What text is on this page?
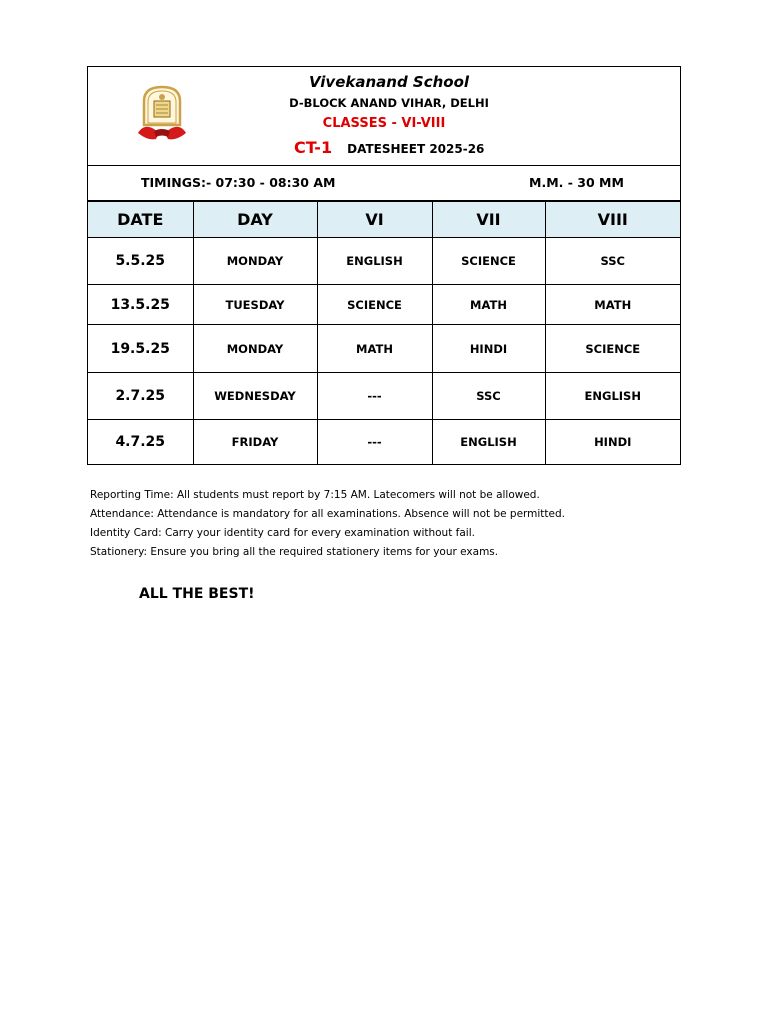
Vivekanand School
D-BLOCK ANAND VIHAR, DELHI
CLASSES - VI-VIII
CT-1 DATESHEET 2025-26
TIMINGS:- 07:30 - 08:30 AM	M.M. - 30 MM
DATE	DAY	VI	VII	VIII
5.5.25	MONDAY	ENGLISH	SCIENCE	SSC
13.5.25	TUESDAY	SCIENCE	MATH	MATH
19.5.25	MONDAY	MATH	HINDI	SCIENCE
2.7.25	WEDNESDAY	---	SSC	ENGLISH
4.7.25	FRIDAY	---	ENGLISH	HINDI
Reporting Time: All students must report by 7:15 AM. Latecomers will not be allowed.
Attendance: Attendance is mandatory for all examinations. Absence will not be permitted.
Identity Card: Carry your identity card for every examination without fail.
Stationery: Ensure you bring all the required stationery items for your exams.
ALL THE BEST!
